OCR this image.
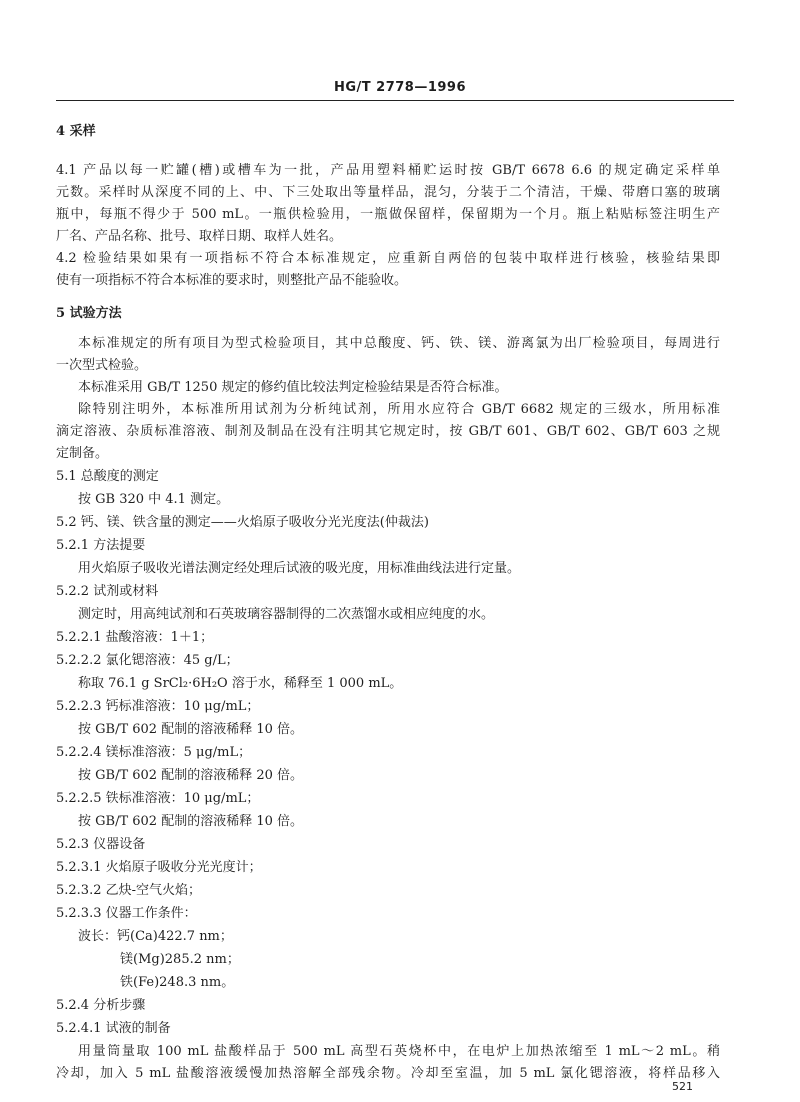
HG/T 2778—1996
4 采样
4.1 产品以每一贮罐(槽)或槽车为一批，产品用塑料桶贮运时按 GB/T 6678 6.6 的规定确定采样单
元数。采样时从深度不同的上、中、下三处取出等量样品，混匀，分装于二个清洁，干燥、带磨口塞的玻璃
瓶中，每瓶不得少于 500 mL。一瓶供检验用，一瓶做保留样，保留期为一个月。瓶上粘贴标签注明生产
厂名、产品名称、批号、取样日期、取样人姓名。
4.2 检验结果如果有一项指标不符合本标准规定，应重新自两倍的包装中取样进行核验，核验结果即
使有一项指标不符合本标准的要求时，则整批产品不能验收。
5 试验方法
本标准规定的所有项目为型式检验项目，其中总酸度、钙、铁、镁、游离氯为出厂检验项目，每周进行
一次型式检验。
本标准采用 GB/T 1250 规定的修约值比较法判定检验结果是否符合标准。
除特别注明外，本标准所用试剂为分析纯试剂，所用水应符合 GB/T 6682 规定的三级水，所用标准
滴定溶液、杂质标准溶液、制剂及制品在没有注明其它规定时，按 GB/T 601、GB/T 602、GB/T 603 之规
定制备。
5.1 总酸度的测定
按 GB 320 中 4.1 测定。
5.2 钙、镁、铁含量的测定——火焰原子吸收分光光度法(仲裁法)
5.2.1 方法提要
用火焰原子吸收光谱法测定经处理后试液的吸光度，用标准曲线法进行定量。
5.2.2 试剂或材料
测定时，用高纯试剂和石英玻璃容器制得的二次蒸馏水或相应纯度的水。
5.2.2.1 盐酸溶液：1＋1；
5.2.2.2 氯化锶溶液：45 g/L；
称取 76.1 g SrCl₂·6H₂O 溶于水，稀释至 1 000 mL。
5.2.2.3 钙标准溶液：10 μg/mL；
按 GB/T 602 配制的溶液稀释 10 倍。
5.2.2.4 镁标准溶液：5 μg/mL；
按 GB/T 602 配制的溶液稀释 20 倍。
5.2.2.5 铁标准溶液：10 μg/mL；
按 GB/T 602 配制的溶液稀释 10 倍。
5.2.3 仪器设备
5.2.3.1 火焰原子吸收分光光度计；
5.2.3.2 乙炔-空气火焰；
5.2.3.3 仪器工作条件：
波长：钙(Ca)422.7 nm；
镁(Mg)285.2 nm；
铁(Fe)248.3 nm。
5.2.4 分析步骤
5.2.4.1 试液的制备
用量筒量取 100 mL 盐酸样品于 500 mL 高型石英烧杯中，在电炉上加热浓缩至 1 mL～2 mL。稍
冷却，加入 5 mL 盐酸溶液缓慢加热溶解全部残余物。冷却至室温，加 5 mL 氯化锶溶液，将样品移入
521
